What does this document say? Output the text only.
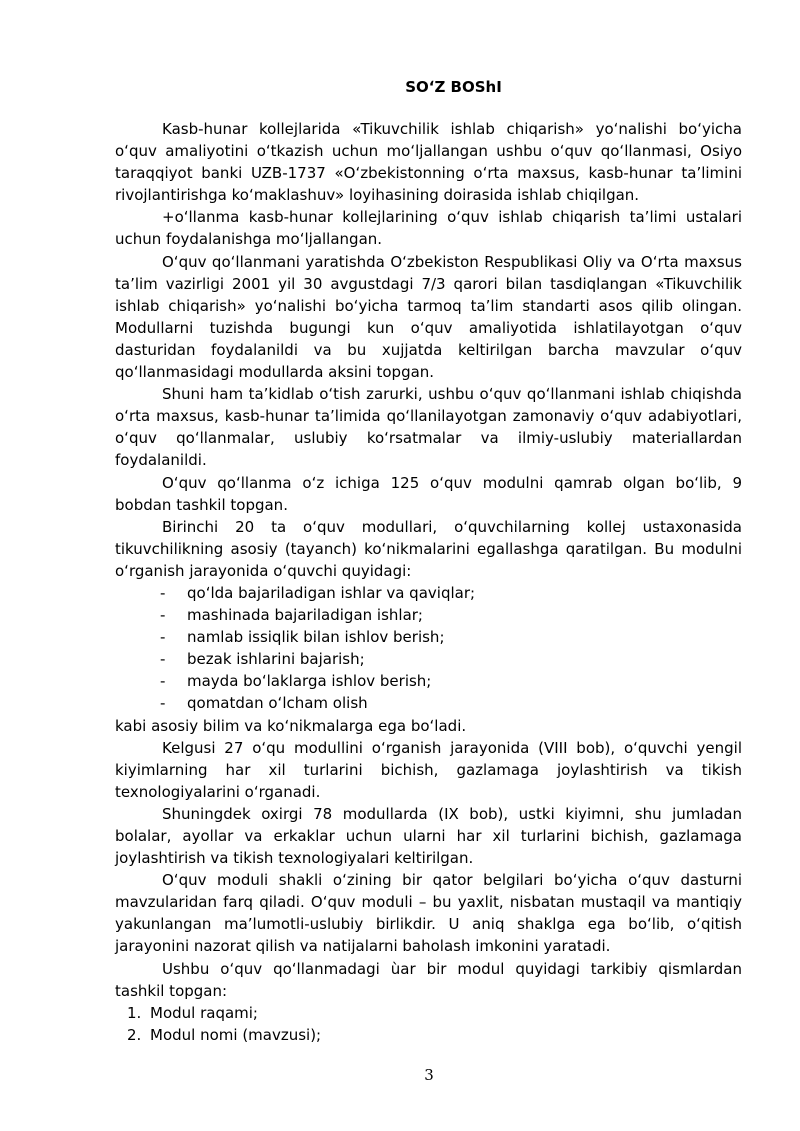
SOʻZ BOShI

Kasb-hunar kollejlarida «Tikuvchilik ishlab chiqarish» yoʻnalishi boʻyicha oʻquv amaliyotini oʻtkazish uchun moʻljallangan ushbu oʻquv qoʻllanmasi, Osiyo taraqqiyot banki UZB-1737 «Oʻzbekistonning oʻrta maxsus, kasb-hunar taʼlimini rivojlantirishga koʻmaklashuv» loyihasining doirasida ishlab chiqilgan.

+oʻllanma kasb-hunar kollejlarining oʻquv ishlab chiqarish taʼlimi ustalari uchun foydalanishga moʻljallangan.

Oʻquv qoʻllanmani yaratishda Oʻzbekiston Respublikasi Oliy va Oʻrta maxsus taʼlim vazirligi 2001 yil 30 avgustdagi 7/3 qarori bilan tasdiqlangan «Tikuvchilik ishlab chiqarish» yoʻnalishi boʻyicha tarmoq taʼlim standarti asos qilib olingan. Modullarni tuzishda bugungi kun oʻquv amaliyotida ishlatilayotgan oʻquv dasturidan foydalanildi va bu xujjatda keltirilgan barcha mavzular oʻquv qoʻllanmasidagi modullarda aksini topgan.

Shuni ham taʼkidlab oʻtish zarurki, ushbu oʻquv qoʻllanmani ishlab chiqishda oʻrta maxsus, kasb-hunar taʼlimida qoʻllanilayotgan zamonaviy oʻquv adabiyotlari, oʻquv qoʻllanmalar, uslubiy koʻrsatmalar va ilmiy-uslubiy materiallardan foydalanildi.

Oʻquv qoʻllanma oʻz ichiga 125 oʻquv modulni qamrab olgan boʻlib, 9 bobdan tashkil topgan.

Birinchi 20 ta oʻquv modullari, oʻquvchilarning kollej ustaxonasida tikuvchilikning asosiy (tayanch) koʻnikmalarini egallashga qaratilgan. Bu modulni oʻrganish jarayonida oʻquvchi quyidagi:

- qoʻlda bajariladigan ishlar va qaviqlar;
- mashinada bajariladigan ishlar;
- namlab issiqlik bilan ishlov berish;
- bezak ishlarini bajarish;
- mayda boʻlaklarga ishlov berish;
- qomatdan oʻlcham olish

kabi asosiy bilim va koʻnikmalarga ega boʻladi.

Kelgusi 27 oʻqu modullini oʻrganish jarayonida (VIII bob), oʻquvchi yengil kiyimlarning har xil turlarini bichish, gazlamaga joylashtirish va tikish texnologiyalarini oʻrganadi.

Shuningdek oxirgi 78 modullarda (IX bob), ustki kiyimni, shu jumladan bolalar, ayollar va erkaklar uchun ularni har xil turlarini bichish, gazlamaga joylashtirish va tikish texnologiyalari keltirilgan.

Oʻquv moduli shakli oʻzining bir qator belgilari boʻyicha oʻquv dasturni mavzularidan farq qiladi. Oʻquv moduli – bu yaxlit, nisbatan mustaqil va mantiqiy yakunlangan maʼlumotli-uslubiy birlikdir. U aniq shaklga ega boʻlib, oʻqitish jarayonini nazorat qilish va natijalarni baholash imkonini yaratadi.

Ushbu oʻquv qoʻllanmadagi ùar bir modul quyidagi tarkibiy qismlardan tashkil topgan:

1. Modul raqami;
2. Modul nomi (mavzusi);
3
